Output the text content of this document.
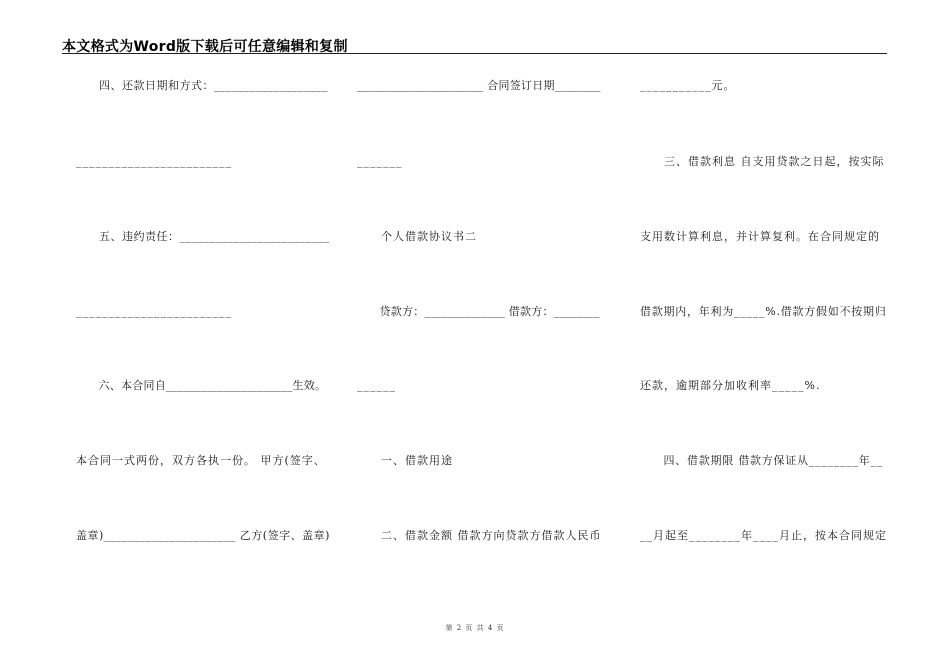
本文格式为Word版下载后可任意编辑和复制
　　四、还款日期和方式：___________________
________________________
　　五、违约责任：_________________________
________________________
　　六、本合同自______________________生效。
本合同一式两份，双方各执一份。 甲方(签字、
盖章)______________________ 乙方(签字、盖章)
______________________ 合同签订日期________
_______
　　个人借款协议书二
　　贷款方：______________ 借款方：________
______
　　一、借款用途
　　二、借款金额 借款方向贷款方借款人民币
___________元。
　　三、借款利息 自支用贷款之日起，按实际
支用数计算利息，并计算复利。在合同规定的
借款期内，年利为_____%.借款方假如不按期归
还款，逾期部分加收利率_____%.
　　四、借款期限 借款方保证从________年__
__月起至________年____月止，按本合同规定
第 2 页 共 4 页
